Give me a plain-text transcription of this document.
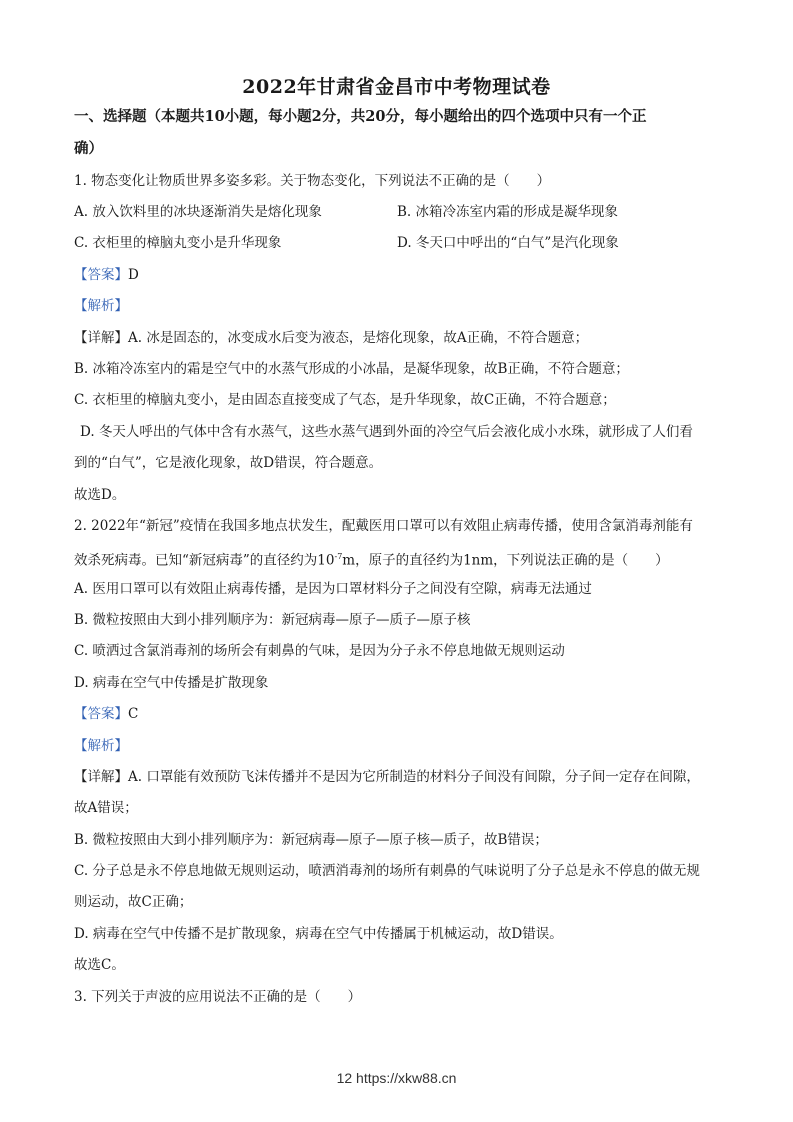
2022年甘肃省金昌市中考物理试卷
一、选择题（本题共10小题，每小题2分，共20分，每小题给出的四个选项中只有一个正
确）
1. 物态变化让物质世界多姿多彩。关于物态变化，下列说法不正确的是（　　）
A. 放入饮料里的冰块逐渐消失是熔化现象	B. 冰箱冷冻室内霜的形成是凝华现象
C. 衣柜里的樟脑丸变小是升华现象	D. 冬天口中呼出的“白气”是汽化现象
【答案】D
【解析】
【详解】A. 冰是固态的，冰变成水后变为液态，是熔化现象，故A正确，不符合题意；
B. 冰箱冷冻室内的霜是空气中的水蒸气形成的小冰晶，是凝华现象，故B正确，不符合题意；
C. 衣柜里的樟脑丸变小，是由固态直接变成了气态，是升华现象，故C正确，不符合题意；
D. 冬天人呼出的气体中含有水蒸气，这些水蒸气遇到外面的冷空气后会液化成小水珠，就形成了人们看
到的“白气”，它是液化现象，故D错误，符合题意。
故选D。
2. 2022年“新冠”疫情在我国多地点状发生，配戴医用口罩可以有效阻止病毒传播，使用含氯消毒剂能有
效杀死病毒。已知“新冠病毒”的直径约为$10^{-7}m$，原子的直径约为1nm，下列说法正确的是（　　）
A. 医用口罩可以有效阻止病毒传播，是因为口罩材料分子之间没有空隙，病毒无法通过
B. 微粒按照由大到小排列顺序为：新冠病毒—原子—质子—原子核
C. 喷洒过含氯消毒剂的场所会有刺鼻的气味，是因为分子永不停息地做无规则运动
D. 病毒在空气中传播是扩散现象
【答案】C
【解析】
【详解】A. 口罩能有效预防飞沫传播并不是因为它所制造的材料分子间没有间隙，分子间一定存在间隙，
故A错误；
B. 微粒按照由大到小排列顺序为：新冠病毒—原子—原子核—质子，故B错误；
C. 分子总是永不停息地做无规则运动，喷洒消毒剂的场所有刺鼻的气味说明了分子总是永不停息的做无规
则运动，故C正确；
D. 病毒在空气中传播不是扩散现象，病毒在空气中传播属于机械运动，故D错误。
故选C。
3. 下列关于声波的应用说法不正确的是（　　）
12 https://xkw88.cn
